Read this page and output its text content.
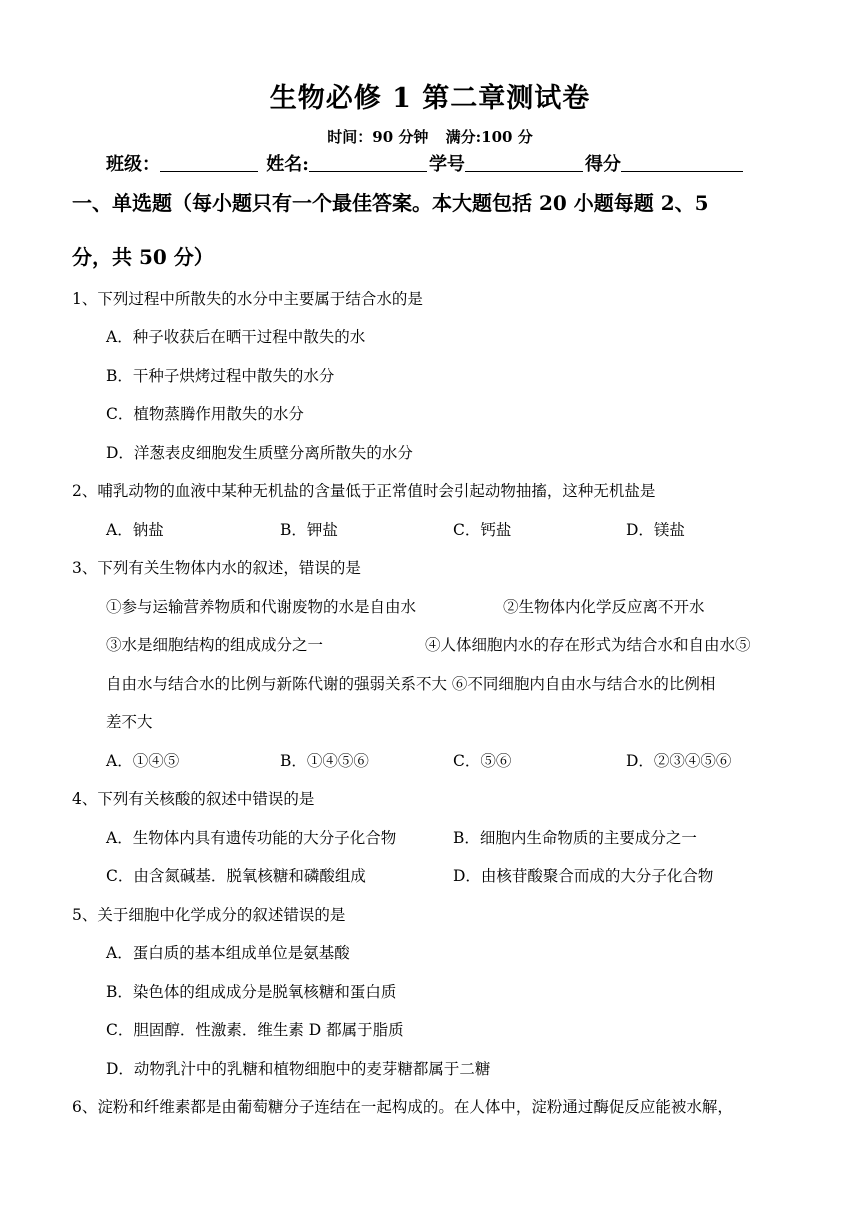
生物必修 1 第二章测试卷
时间：90 分钟 满分:100 分
班级：	姓名:	学号	得分
一、单选题（每小题只有一个最佳答案。本大题包括 20 小题每题 2、5
分，共 50 分）
1、下列过程中所散失的水分中主要属于结合水的是
A．种子收获后在晒干过程中散失的水
B．干种子烘烤过程中散失的水分
C．植物蒸腾作用散失的水分
D．洋葱表皮细胞发生质壁分离所散失的水分
2、哺乳动物的血液中某种无机盐的含量低于正常值时会引起动物抽搐，这种无机盐是
A．钠盐	B．钾盐	C．钙盐	D．镁盐
3、下列有关生物体内水的叙述，错误的是
①参与运输营养物质和代谢废物的水是自由水	②生物体内化学反应离不开水
③水是细胞结构的组成成分之一	④人体细胞内水的存在形式为结合水和自由水⑤
自由水与结合水的比例与新陈代谢的强弱关系不大 ⑥不同细胞内自由水与结合水的比例相
差不大
A．①④⑤	B．①④⑤⑥	C．⑤⑥	D．②③④⑤⑥
4、下列有关核酸的叙述中错误的是
A．生物体内具有遗传功能的大分子化合物	B．细胞内生命物质的主要成分之一
C．由含氮碱基．脱氧核糖和磷酸组成	D．由核苷酸聚合而成的大分子化合物
5、关于细胞中化学成分的叙述错误的是
A．蛋白质的基本组成单位是氨基酸
B．染色体的组成成分是脱氧核糖和蛋白质
C．胆固醇．性激素．维生素 D 都属于脂质
D．动物乳汁中的乳糖和植物细胞中的麦芽糖都属于二糖
6、淀粉和纤维素都是由葡萄糖分子连结在一起构成的。在人体中，淀粉通过酶促反应能被水解，
